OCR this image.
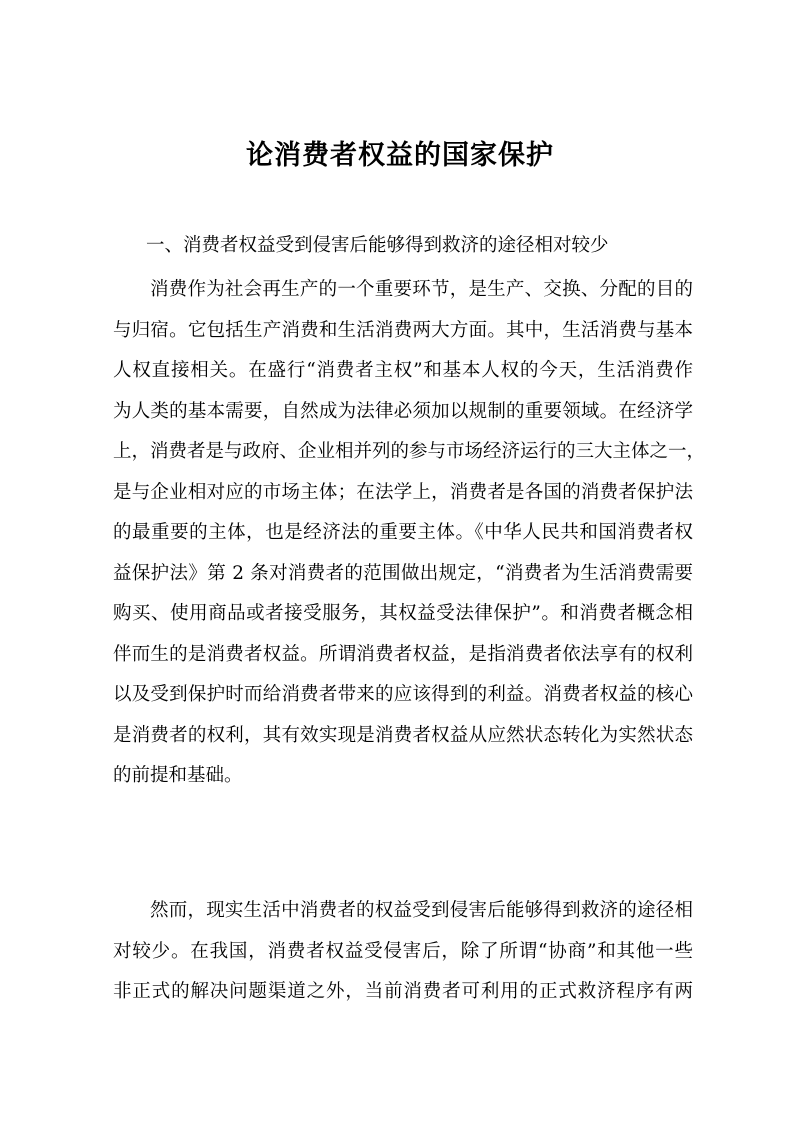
论消费者权益的国家保护

一、消费者权益受到侵害后能够得到救济的途径相对较少

消费作为社会再生产的一个重要环节，是生产、交换、分配的目的
与归宿。它包括生产消费和生活消费两大方面。其中，生活消费与基本
人权直接相关。在盛行“消费者主权”和基本人权的今天，生活消费作
为人类的基本需要，自然成为法律必须加以规制的重要领域。在经济学
上，消费者是与政府、企业相并列的参与市场经济运行的三大主体之一，
是与企业相对应的市场主体；在法学上，消费者是各国的消费者保护法
的最重要的主体，也是经济法的重要主体。《中华人民共和国消费者权
益保护法》第 2 条对消费者的范围做出规定，“消费者为生活消费需要
购买、使用商品或者接受服务，其权益受法律保护”。和消费者概念相
伴而生的是消费者权益。所谓消费者权益，是指消费者依法享有的权利
以及受到保护时而给消费者带来的应该得到的利益。消费者权益的核心
是消费者的权利，其有效实现是消费者权益从应然状态转化为实然状态
的前提和基础。
然而，现实生活中消费者的权益受到侵害后能够得到救济的途径相
对较少。在我国，消费者权益受侵害后，除了所谓“协商”和其他一些
非正式的解决问题渠道之外，当前消费者可利用的正式救济程序有两
